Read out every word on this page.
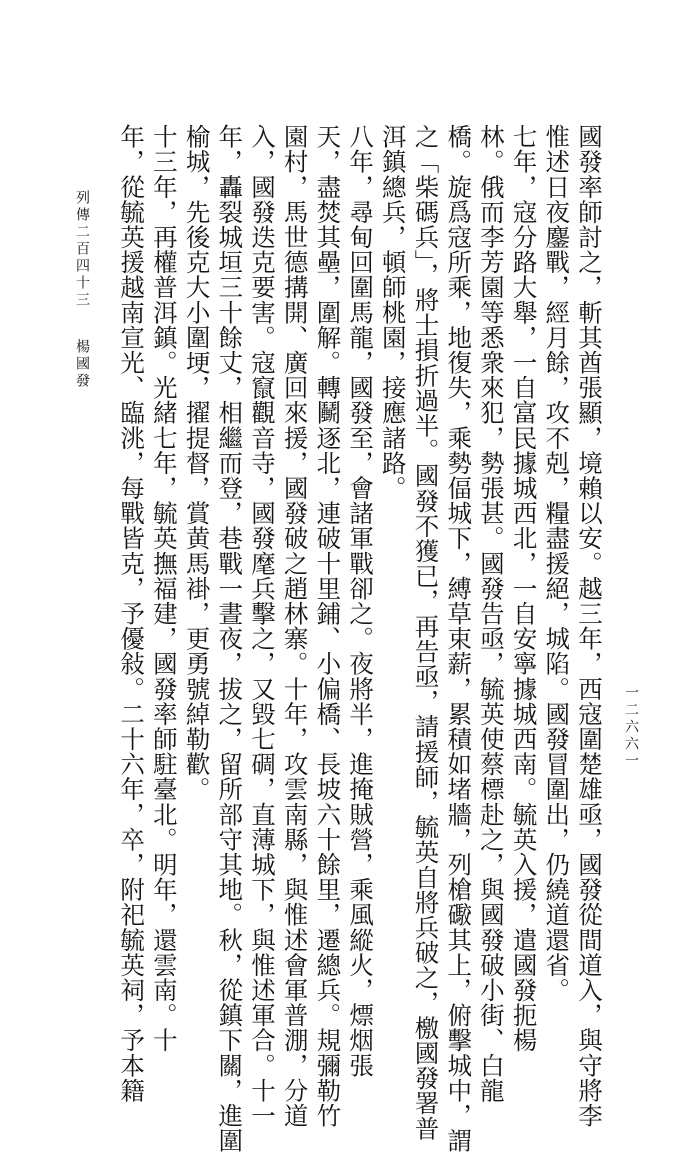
國發率師討之，斬其酋張顯，境賴以安。越三年，西寇圍楚雄亟，國發從間道入，與守將李
惟述日夜鏖戰，經月餘，攻不剋，糧盡援絕，城陷。國發冒圍出，仍繞道還省。
七年，寇分路大舉，一自富民據城西北，一自安寧據城西南。毓英入援，遣國發扼楊
林。俄而李芳園等悉衆來犯，勢張甚。國發告亟，毓英使蔡標赴之，與國發破小街、白龍
橋。旋爲寇所乘，地復失，乘勢偪城下，縛草束薪，累積如堵牆，列槍礮其上，俯擊城中，謂
之「柴碼兵」，將士損折過半。國發不獲已，再告亟，請援師，毓英自將兵破之，檄國發署普
洱鎮總兵，頓師桃園，接應諸路。
八年，尋甸回圍馬龍，國發至，會諸軍戰卻之。夜將半，進掩賊營，乘風縱火，熛烟張
天，盡焚其壘，圍解。轉鬭逐北，連破十里鋪、小偏橋、長坡六十餘里，遷總兵。規彌勒竹
園村，馬世德搆開、廣回來援，國發破之趙林寨。十年，攻雲南縣，與惟述會軍普淜，分道
入，國發迭克要害。寇竄觀音寺，國發麾兵擊之，又毀七碉，直薄城下，與惟述軍合。十一
年，轟裂城垣三十餘丈，相繼而登，巷戰一晝夜，拔之，留所部守其地。秋，從鎮下關，進圍
榆城，先後克大小圍埂，擢提督，賞黄馬褂，更勇號綽勒歡。
十三年，再權普洱鎮。光緒七年，毓英撫福建，國發率師駐臺北。明年，還雲南。十
年，從毓英援越南宣光、臨洮，每戰皆克，予優敍。二十六年，卒，附祀毓英祠，予本籍
列傳二百四十三楊國發
一二六六一
